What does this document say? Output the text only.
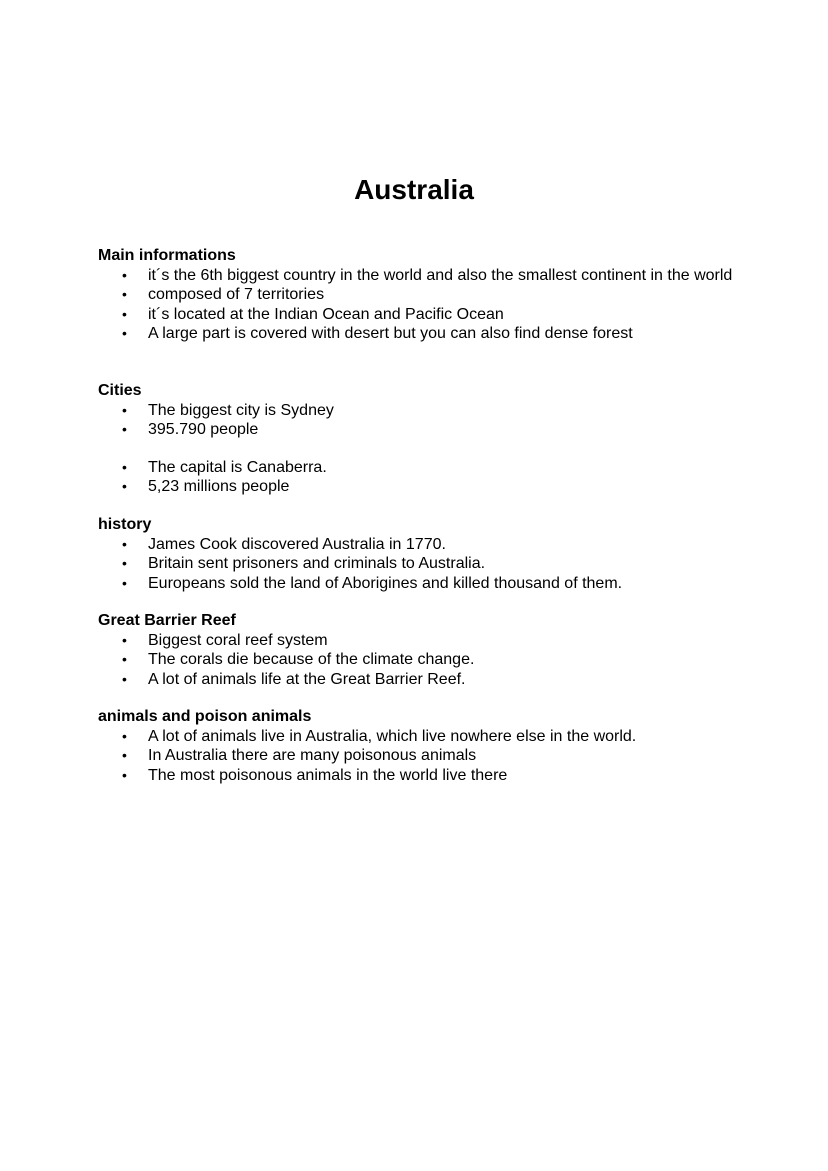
Australia
Main informations
• it´s the 6th biggest country in the world and also the smallest continent in the world
• composed of 7 territories
• it´s located at the Indian Ocean and Pacific Ocean
• A large part is covered with desert but you can also find dense forest
Cities
• The biggest city is Sydney
• 395.790 people
• The capital is Canaberra.
• 5,23 millions people
history
• James Cook discovered Australia in 1770.
• Britain sent prisoners and criminals to Australia.
• Europeans sold the land of Aborigines and killed thousand of them.
Great Barrier Reef
• Biggest coral reef system
• The corals die because of the climate change.
• A lot of animals life at the Great Barrier Reef.
animals and poison animals
• A lot of animals live in Australia, which live nowhere else in the world.
• In Australia there are many poisonous animals
• The most poisonous animals in the world live there
